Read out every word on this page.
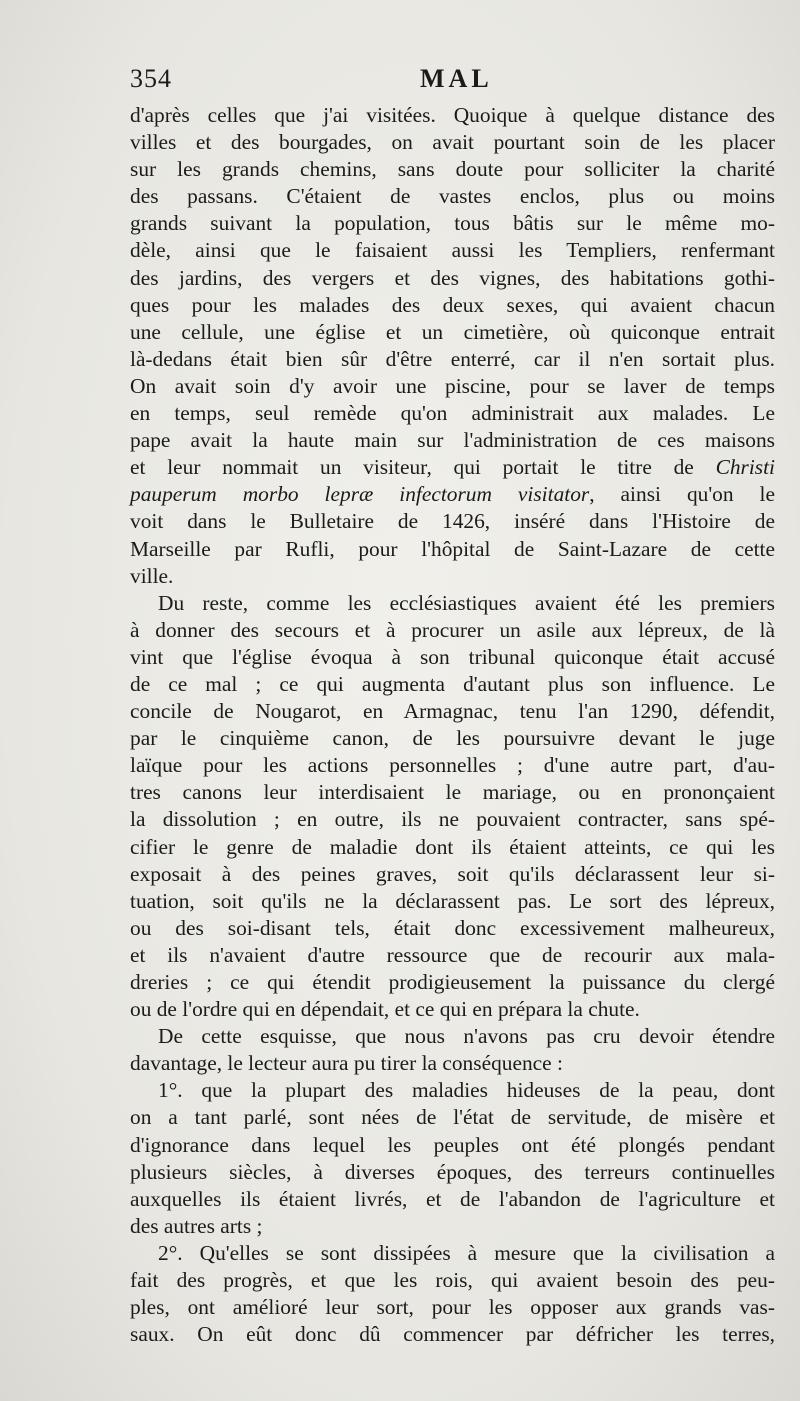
354	MAL
d'après celles que j'ai visitées. Quoique à quelque distance des
villes et des bourgades, on avait pourtant soin de les placer
sur les grands chemins, sans doute pour solliciter la charité
des passans. C'étaient de vastes enclos, plus ou moins
grands suivant la population, tous bâtis sur le même mo-
dèle, ainsi que le faisaient aussi les Templiers, renfermant
des jardins, des vergers et des vignes, des habitations gothi-
ques pour les malades des deux sexes, qui avaient chacun
une cellule, une église et un cimetière, où quiconque entrait
là-dedans était bien sûr d'être enterré, car il n'en sortait plus.
On avait soin d'y avoir une piscine, pour se laver de temps
en temps, seul remède qu'on administrait aux malades. Le
pape avait la haute main sur l'administration de ces maisons
et leur nommait un visiteur, qui portait le titre de Christi
pauperum morbo lepræ infectorum visitator, ainsi qu'on le
voit dans le Bulletaire de 1426, inséré dans l'Histoire de
Marseille par Rufli, pour l'hôpital de Saint-Lazare de cette
ville.
Du reste, comme les ecclésiastiques avaient été les premiers
à donner des secours et à procurer un asile aux lépreux, de là
vint que l'église évoqua à son tribunal quiconque était accusé
de ce mal ; ce qui augmenta d'autant plus son influence. Le
concile de Nougarot, en Armagnac, tenu l'an 1290, défendit,
par le cinquième canon, de les poursuivre devant le juge
laïque pour les actions personnelles ; d'une autre part, d'au-
tres canons leur interdisaient le mariage, ou en prononçaient
la dissolution ; en outre, ils ne pouvaient contracter, sans spé-
cifier le genre de maladie dont ils étaient atteints, ce qui les
exposait à des peines graves, soit qu'ils déclarassent leur si-
tuation, soit qu'ils ne la déclarassent pas. Le sort des lépreux,
ou des soi-disant tels, était donc excessivement malheureux,
et ils n'avaient d'autre ressource que de recourir aux mala-
dreries ; ce qui étendit prodigieusement la puissance du clergé
ou de l'ordre qui en dépendait, et ce qui en prépara la chute.
De cette esquisse, que nous n'avons pas cru devoir étendre
davantage, le lecteur aura pu tirer la conséquence :
1°. que la plupart des maladies hideuses de la peau, dont
on a tant parlé, sont nées de l'état de servitude, de misère et
d'ignorance dans lequel les peuples ont été plongés pendant
plusieurs siècles, à diverses époques, des terreurs continuelles
auxquelles ils étaient livrés, et de l'abandon de l'agriculture et
des autres arts ;
2°. Qu'elles se sont dissipées à mesure que la civilisation a
fait des progrès, et que les rois, qui avaient besoin des peu-
ples, ont amélioré leur sort, pour les opposer aux grands vas-
saux. On eût donc dû commencer par défricher les terres,
